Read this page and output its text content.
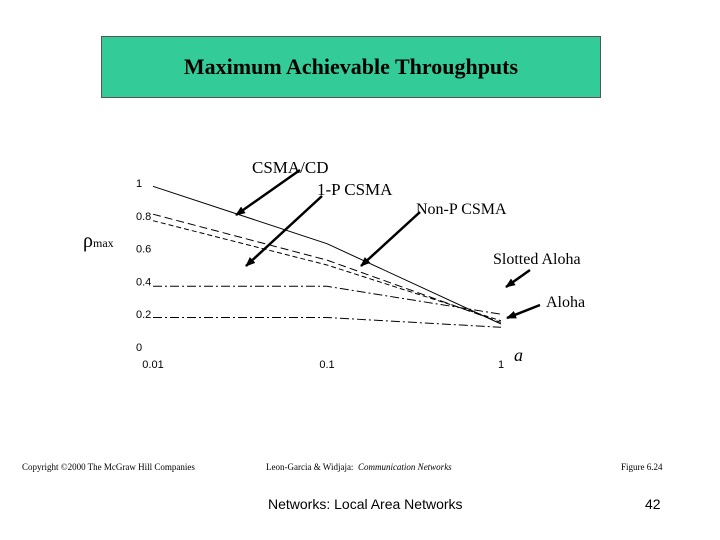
Maximum Achievable Throughputs
0
0.2
0.4
0.6
0.8
1
0.01	0.1	1
CSMA/CD
1-P CSMA
Non-P CSMA
Slotted Aloha
Aloha
ρmax
a
Copyright ©2000 The McGraw Hill Companies	Leon-Garcia & Widjaja: Communication Networks	Figure 6.24
Networks: Local Area Networks	42
